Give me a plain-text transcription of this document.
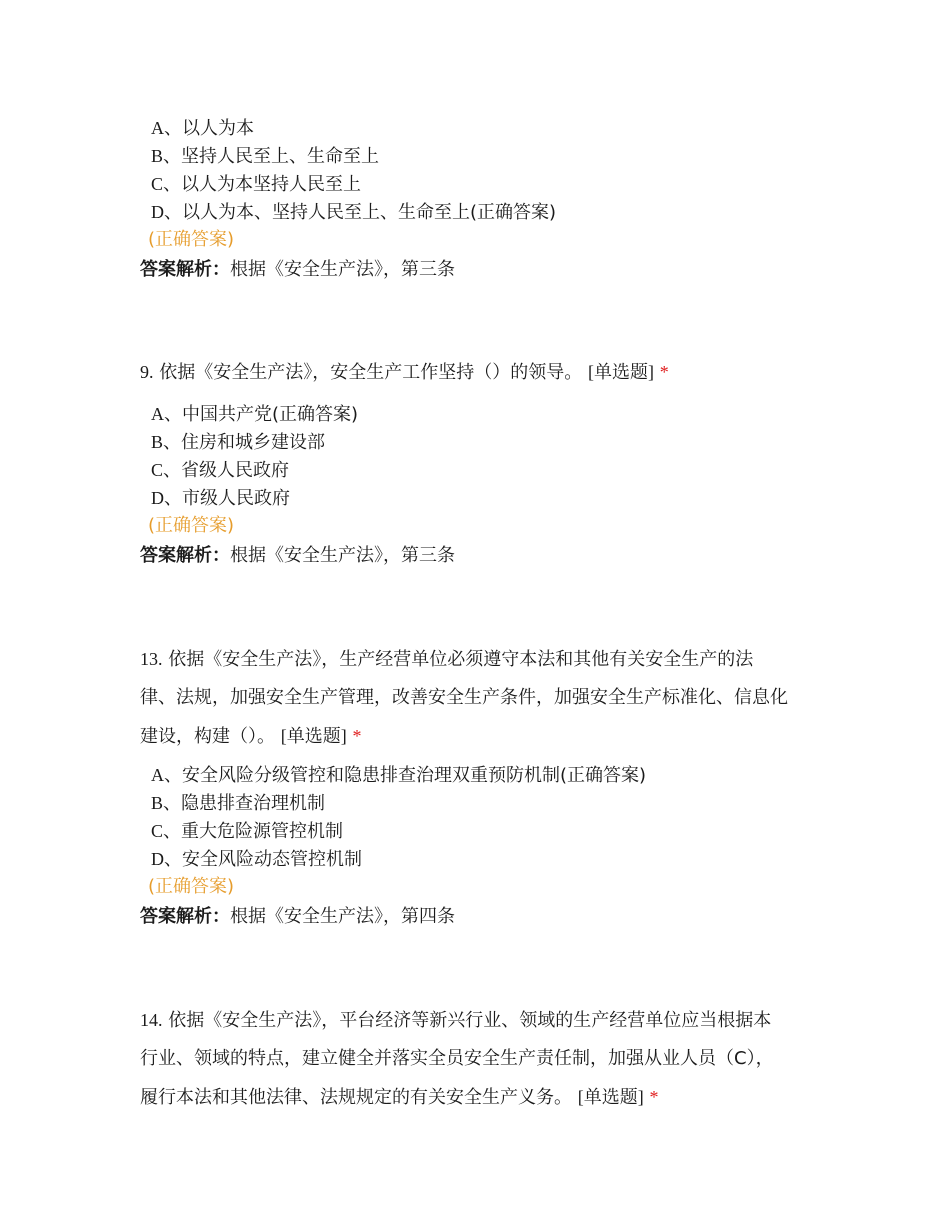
A、以人为本
B、坚持人民至上、生命至上
C、以人为本坚持人民至上
D、以人为本、坚持人民至上、生命至上(正确答案)
(正确答案)
答案解析：根据《安全生产法》，第三条
9. 依据《安全生产法》，安全生产工作坚持（）的领导。 [单选题] *
A、中国共产党(正确答案)
B、住房和城乡建设部
C、省级人民政府
D、市级人民政府
(正确答案)
答案解析：根据《安全生产法》，第三条
13. 依据《安全生产法》，生产经营单位必须遵守本法和其他有关安全生产的法
律、法规，加强安全生产管理，改善安全生产条件，加强安全生产标准化、信息化
建设，构建（）。 [单选题] *
A、安全风险分级管控和隐患排查治理双重预防机制(正确答案)
B、隐患排查治理机制
C、重大危险源管控机制
D、安全风险动态管控机制
(正确答案)
答案解析：根据《安全生产法》，第四条
14. 依据《安全生产法》，平台经济等新兴行业、领域的生产经营单位应当根据本
行业、领域的特点，建立健全并落实全员安全生产责任制，加强从业人员（C），
履行本法和其他法律、法规规定的有关安全生产义务。 [单选题] *
